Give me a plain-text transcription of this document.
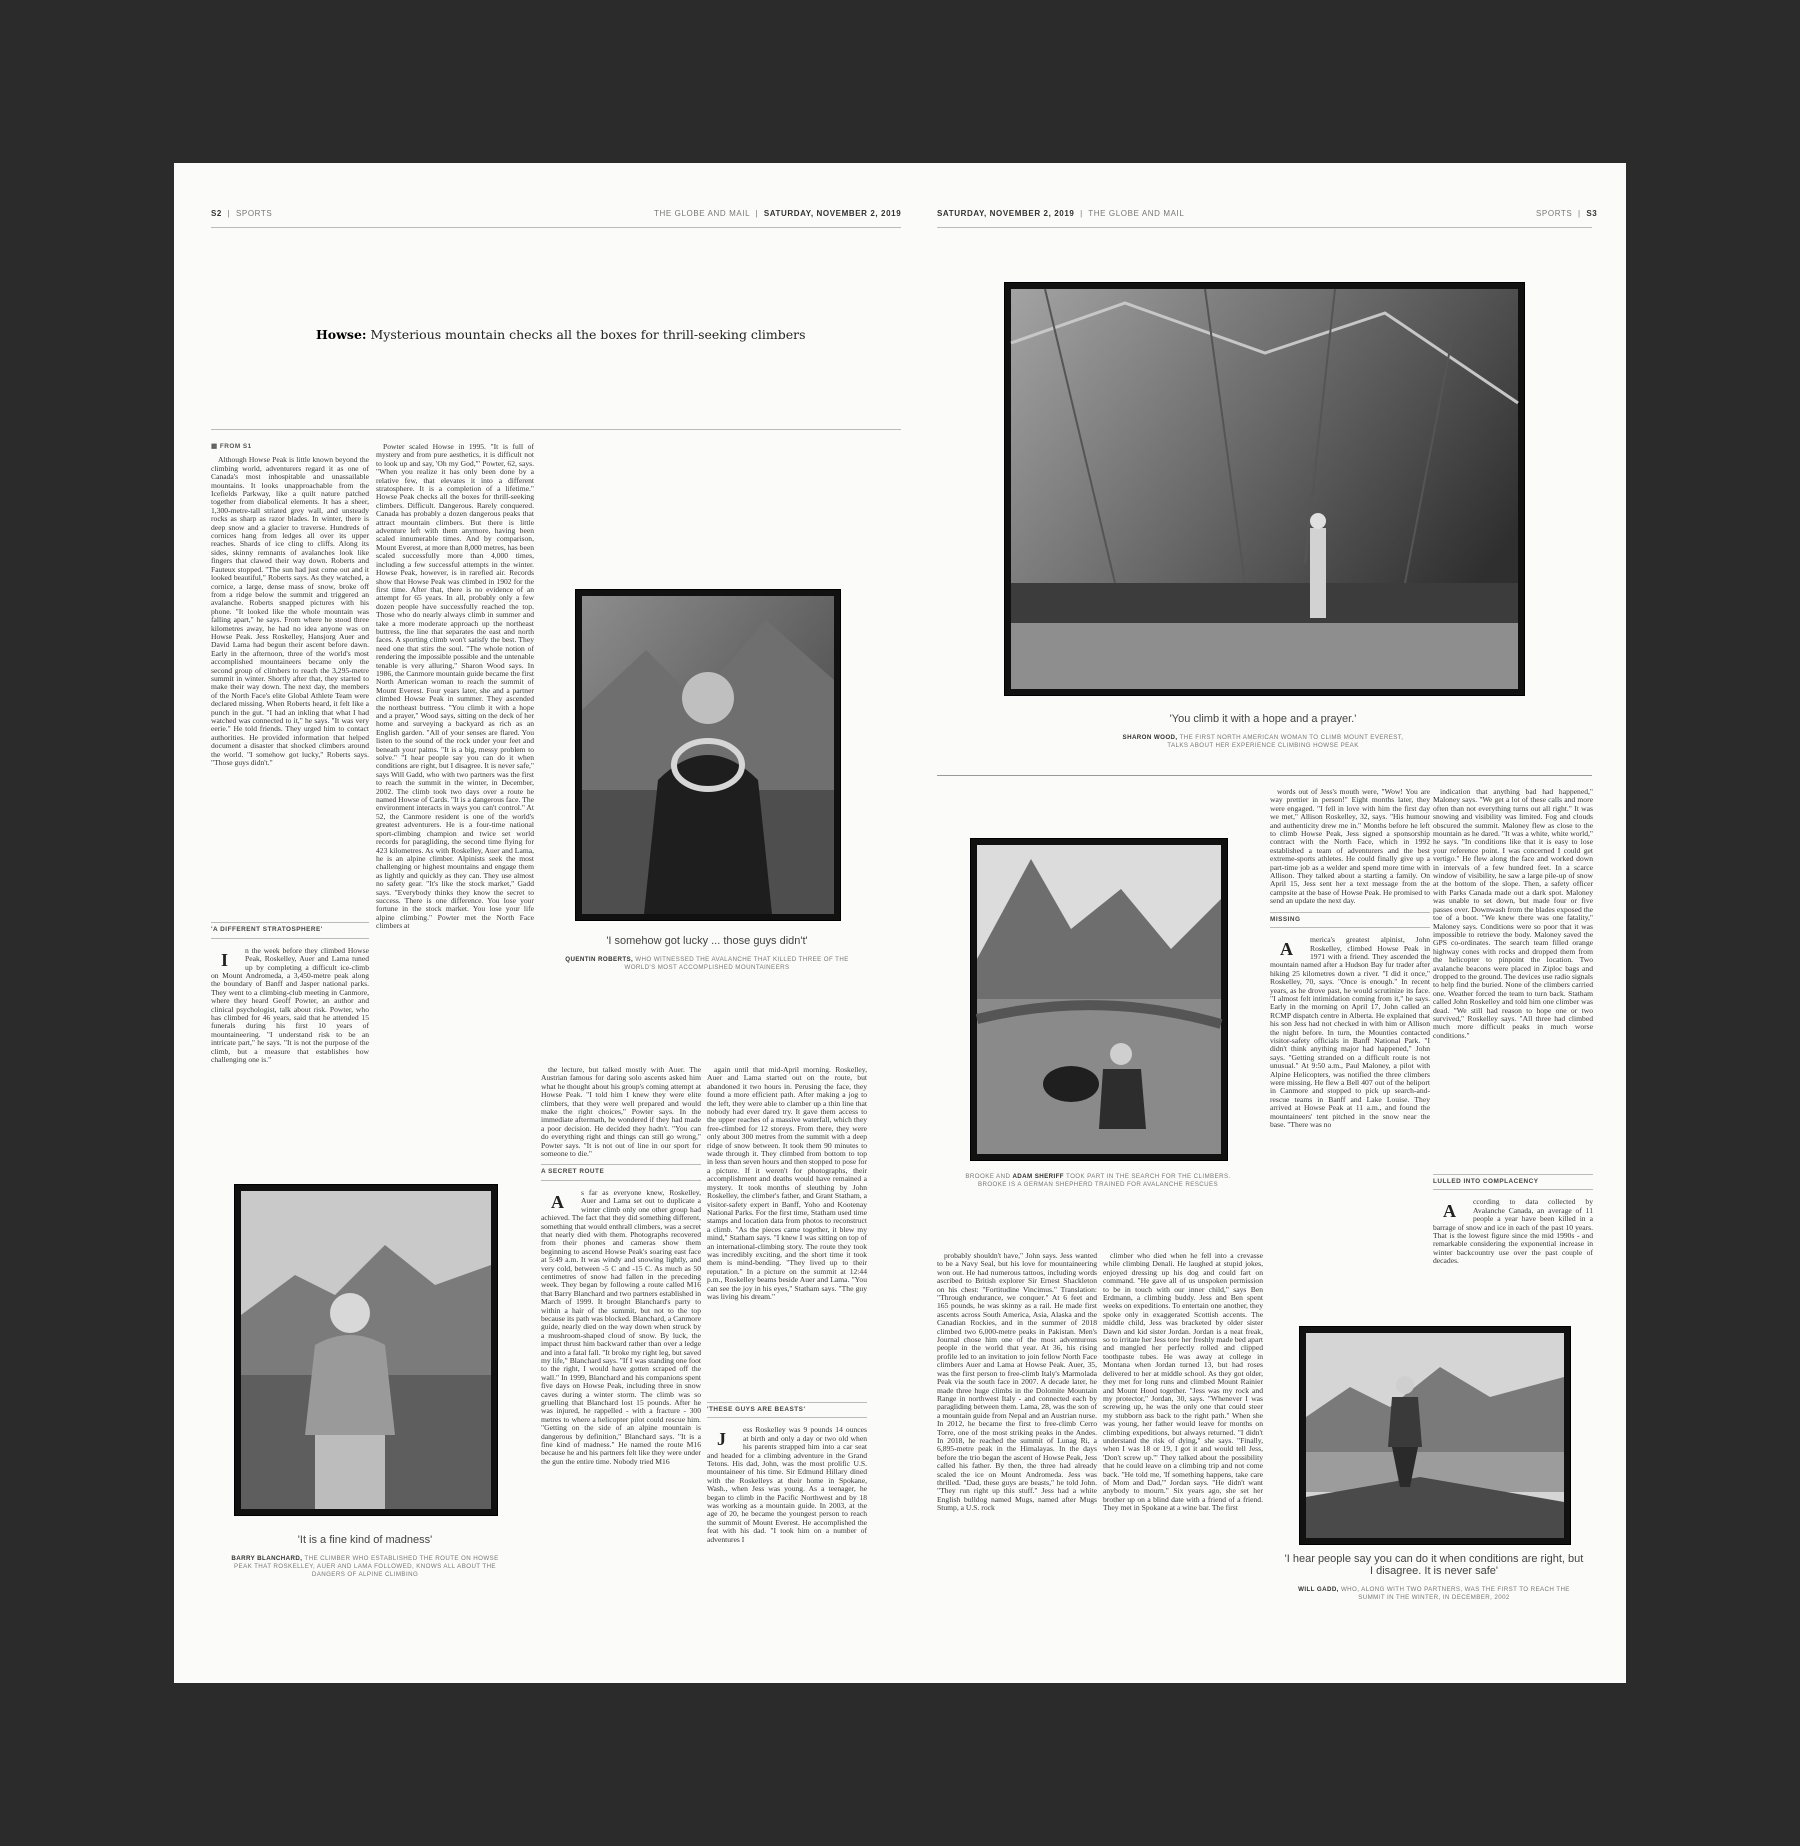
S2  |  SPORTS	THE GLOBE AND MAIL  |  SATURDAY, NOVEMBER 2, 2019	SATURDAY, NOVEMBER 2, 2019  |  THE GLOBE AND MAIL	SPORTS  |  S3
Howse: Mysterious mountain checks all the boxes for thrill-seeking climbers
▦ FROM S1

Although Howse Peak is little known beyond the climbing world, adventurers regard it as one of Canada's most inhospitable and unassailable mountains. It looks unapproachable from the Icefields Parkway, like a quilt nature patched together from diabolical elements. It has a sheer, 1,300-metre-tall striated grey wall, and unsteady rocks as sharp as razor blades. In winter, there is deep snow and a glacier to traverse. Hundreds of cornices hang from ledges all over its upper reaches. Shards of ice cling to cliffs. Along its sides, skinny remnants of avalanches look like fingers that clawed their way down. Roberts and Fauteux stopped. "The sun had just come out and it looked beautiful," Roberts says. As they watched, a cornice, a large, dense mass of snow, broke off from a ridge below the summit and triggered an avalanche. Roberts snapped pictures with his phone. "It looked like the whole mountain was falling apart," he says. From where he stood three kilometres away, he had no idea anyone was on Howse Peak. Jess Roskelley, Hansjorg Auer and David Lama had begun their ascent before dawn. Early in the afternoon, three of the world's most accomplished mountaineers became only the second group of climbers to reach the 3,295-metre summit in winter. Shortly after that, they started to make their way down. The next day, the members of the North Face's elite Global Athlete Team were declared missing. When Roberts heard, it felt like a punch in the gut. "I had an inkling that what I had watched was connected to it," he says. "It was very eerie." He told friends. They urged him to contact authorities. He provided information that helped document a disaster that shocked climbers around the world. "I somehow got lucky," Roberts says. "Those guys didn't."

'A DIFFERENT STRATOSPHERE'
I	n the week before they climbed Howse Peak, Roskelley, Auer and Lama tuned up by completing a difficult ice-climb on Mount Andromeda, a 3,450-metre peak along the boundary of Banff and Jasper national parks. They went to a climbing-club meeting in Canmore, where they heard Geoff Powter, an author and clinical psychologist, talk about risk. Powter, who has climbed for 46 years, said that he attended 15 funerals during his first 10 years of mountaineering. "I understand risk to be an intricate part," he says. "It is not the purpose of the climb, but a measure that establishes how challenging one is."

Powter scaled Howse in 1995. "It is full of mystery and from pure aesthetics, it is difficult not to look up and say, 'Oh my God,'" Powter, 62, says. "When you realize it has only been done by a relative few, that elevates it into a different stratosphere. It is a completion of a lifetime." Howse Peak checks all the boxes for thrill-seeking climbers. Difficult. Dangerous. Rarely conquered. Canada has probably a dozen dangerous peaks that attract mountain climbers. But there is little adventure left with them anymore, having been scaled innumerable times. And by comparison, Mount Everest, at more than 8,000 metres, has been scaled successfully more than 4,000 times, including a few successful attempts in the winter. Howse Peak, however, is in rarefied air. Records show that Howse Peak was climbed in 1902 for the first time. After that, there is no evidence of an attempt for 65 years. In all, probably only a few dozen people have successfully reached the top. Those who do nearly always climb in summer and take a more moderate approach up the northeast buttress, the line that separates the east and north faces. A sporting climb won't satisfy the best. They need one that stirs the soul. "The whole notion of rendering the impossible possible and the untenable tenable is very alluring," Sharon Wood says. In 1986, the Canmore mountain guide became the first North American woman to reach the summit of Mount Everest. Four years later, she and a partner climbed Howse Peak in summer. They ascended the northeast buttress. "You climb it with a hope and a prayer," Wood says, sitting on the deck of her home and surveying a backyard as rich as an English garden. "All of your senses are flared. You listen to the sound of the rock under your feet and beneath your palms. "It is a big, messy problem to solve." "I hear people say you can do it when conditions are right, but I disagree. It is never safe," says Will Gadd, who with two partners was the first to reach the summit in the winter, in December, 2002. The climb took two days over a route he named Howse of Cards. "It is a dangerous face. The environment interacts in ways you can't control." At 52, the Canmore resident is one of the world's greatest adventurers. He is a four-time national sport-climbing champion and twice set world records for paragliding, the second time flying for 423 kilometres. As with Roskelley, Auer and Lama, he is an alpine climber. Alpinists seek the most challenging or highest mountains and engage them as lightly and quickly as they can. They use almost no safety gear. "It's like the stock market," Gadd says. "Everybody thinks they know the secret to success. There is one difference. You lose your fortune in the stock market. You lose your life alpine climbing." Powter met the North Face climbers at

'I somehow got lucky ... those guys didn't'
QUENTIN ROBERTS, WHO WITNESSED THE AVALANCHE THAT KILLED THREE OF THE WORLD'S MOST ACCOMPLISHED MOUNTAINEERS

the lecture, but talked mostly with Auer. The Austrian famous for daring solo ascents asked him what he thought about his group's coming attempt at Howse Peak. "I told him I knew they were elite climbers, that they were well prepared and would make the right choices," Powter says. In the immediate aftermath, he wondered if they had made a poor decision. He decided they hadn't. "You can do everything right and things can still go wrong," Powter says. "It is not out of line in our sport for someone to die."

A SECRET ROUTE
A	s far as everyone knew, Roskelley, Auer and Lama set out to duplicate a winter climb only one other group had achieved. The fact that they did something different, something that would enthrall climbers, was a secret that nearly died with them. Photographs recovered from their phones and cameras show them beginning to ascend Howse Peak's soaring east face at 5:49 a.m. It was windy and snowing lightly, and very cold, between -5 C and -15 C. As much as 50 centimetres of snow had fallen in the preceding week. They began by following a route called M16 that Barry Blanchard and two partners established in March of 1999. It brought Blanchard's party to within a hair of the summit, but not to the top because its path was blocked. Blanchard, a Canmore guide, nearly died on the way down when struck by a mushroom-shaped cloud of snow. By luck, the impact thrust him backward rather than over a ledge and into a fatal fall. "It broke my right leg, but saved my life," Blanchard says. "If I was standing one foot to the right, I would have gotten scraped off the wall." In 1999, Blanchard and his companions spent five days on Howse Peak, including three in snow caves during a winter storm. The climb was so gruelling that Blanchard lost 15 pounds. After he was injured, he rappelled - with a fracture - 300 metres to where a helicopter pilot could rescue him. "Getting on the side of an alpine mountain is dangerous by definition," Blanchard says. "It is a fine kind of madness." He named the route M16 because he and his partners felt like they were under the gun the entire time. Nobody tried M16

again until that mid-April morning. Roskelley, Auer and Lama started out on the route, but abandoned it two hours in. Perusing the face, they found a more efficient path. After making a jog to the left, they were able to clamber up a thin line that nobody had ever dared try. It gave them access to the upper reaches of a massive waterfall, which they free-climbed for 12 storeys. From there, they were only about 300 metres from the summit with a deep ridge of snow between. It took them 90 minutes to wade through it. They climbed from bottom to top in less than seven hours and then stopped to pose for a picture. If it weren't for photographs, their accomplishment and deaths would have remained a mystery. It took months of sleuthing by John Roskelley, the climber's father, and Grant Statham, a visitor-safety expert in Banff, Yoho and Kootenay National Parks. For the first time, Statham used time stamps and location data from photos to reconstruct a climb. "As the pieces came together, it blew my mind," Statham says. "I knew I was sitting on top of an international-climbing story. The route they took was incredibly exciting, and the short time it took them is mind-bending. "They lived up to their reputation." In a picture on the summit at 12:44 p.m., Roskelley beams beside Auer and Lama. "You can see the joy in his eyes," Statham says. "The guy was living his dream."

'THESE GUYS ARE BEASTS'
J	ess Roskelley was 9 pounds 14 ounces at birth and only a day or two old when his parents strapped him into a car seat and headed for a climbing adventure in the Grand Tetons. His dad, John, was the most prolific U.S. mountaineer of his time. Sir Edmund Hillary dined with the Roskelleys at their home in Spokane, Wash., when Jess was young. As a teenager, he began to climb in the Pacific Northwest and by 18 was working as a mountain guide. In 2003, at the age of 20, he became the youngest person to reach the summit of Mount Everest. He accomplished the feat with his dad. "I took him on a number of adventures I

'It is a fine kind of madness'
BARRY BLANCHARD, THE CLIMBER WHO ESTABLISHED THE ROUTE ON HOWSE PEAK THAT ROSKELLEY, AUER AND LAMA FOLLOWED, KNOWS ALL ABOUT THE DANGERS OF ALPINE CLIMBING
'You climb it with a hope and a prayer.'
SHARON WOOD, THE FIRST NORTH AMERICAN WOMAN TO CLIMB MOUNT EVEREST, TALKS ABOUT HER EXPERIENCE CLIMBING HOWSE PEAK
BROOKE AND ADAM SHERIFF TOOK PART IN THE SEARCH FOR THE CLIMBERS. BROOKE IS A GERMAN SHEPHERD TRAINED FOR AVALANCHE RESCUES

probably shouldn't have," John says. Jess wanted to be a Navy Seal, but his love for mountaineering won out. He had numerous tattoos, including words ascribed to British explorer Sir Ernest Shackleton on his chest: "Fortitudine Vincimus." Translation: "Through endurance, we conquer." At 6 feet and 165 pounds, he was skinny as a rail. He made first ascents across South America, Asia, Alaska and the Canadian Rockies, and in the summer of 2018 climbed two 6,000-metre peaks in Pakistan. Men's Journal chose him one of the most adventurous people in the world that year. At 36, his rising profile led to an invitation to join fellow North Face climbers Auer and Lama at Howse Peak. Auer, 35, was the first person to free-climb Italy's Marmolada Peak via the south face in 2007. A decade later, he made three huge climbs in the Dolomite Mountain Range in northwest Italy - and connected each by paragliding between them. Lama, 28, was the son of a mountain guide from Nepal and an Austrian nurse. In 2012, he became the first to free-climb Cerro Torre, one of the most striking peaks in the Andes. In 2018, he reached the summit of Lunag Ri, a 6,895-metre peak in the Himalayas. In the days before the trio began the ascent of Howse Peak, Jess called his father. By then, the three had already scaled the ice on Mount Andromeda. Jess was thrilled. "Dad, these guys are beasts," he told John. "They run right up this stuff." Jess had a white English bulldog named Mugs, named after Mugs Stump, a U.S. rock

climber who died when he fell into a crevasse while climbing Denali. He laughed at stupid jokes, enjoyed dressing up his dog and could fart on command. "He gave all of us unspoken permission to be in touch with our inner child," says Ben Erdmann, a climbing buddy. Jess and Ben spent weeks on expeditions. To entertain one another, they spoke only in exaggerated Scottish accents. The middle child, Jess was bracketed by older sister Dawn and kid sister Jordan. Jordan is a neat freak, so to irritate her Jess tore her freshly made bed apart and mangled her perfectly rolled and clipped toothpaste tubes. He was away at college in Montana when Jordan turned 13, but had roses delivered to her at middle school. As they got older, they met for long runs and climbed Mount Rainier and Mount Hood together. "Jess was my rock and my protector," Jordan, 30, says. "Whenever I was screwing up, he was the only one that could steer my stubborn ass back to the right path." When she was young, her father would leave for months on climbing expeditions, but always returned. "I didn't understand the risk of dying," she says. "Finally, when I was 18 or 19, I got it and would tell Jess, 'Don't screw up.'" They talked about the possibility that he could leave on a climbing trip and not come back. "He told me, 'If something happens, take care of Mom and Dad,'" Jordan says. "He didn't want anybody to mourn." Six years ago, she set her brother up on a blind date with a friend of a friend. They met in Spokane at a wine bar. The first

words out of Jess's mouth were, "Wow! You are way prettier in person!" Eight months later, they were engaged. "I fell in love with him the first day we met," Allison Roskelley, 32, says. "His humour and authenticity drew me in." Months before he left to climb Howse Peak, Jess signed a sponsorship contract with the North Face, which in 1992 established a team of adventurers and the best extreme-sports athletes. He could finally give up a part-time job as a welder and spend more time with Allison. They talked about a starting a family. On April 15, Jess sent her a text message from the campsite at the base of Howse Peak. He promised to send an update the next day.

MISSING
A	merica's greatest alpinist, John Roskelley, climbed Howse Peak in 1971 with a friend. They ascended the mountain named after a Hudson Bay fur trader after hiking 25 kilometres down a river. "I did it once," Roskelley, 70, says. "Once is enough." In recent years, as he drove past, he would scrutinize its face. "I almost felt intimidation coming from it," he says. Early in the morning on April 17, John called an RCMP dispatch centre in Alberta. He explained that his son Jess had not checked in with him or Allison the night before. In turn, the Mounties contacted visitor-safety officials in Banff National Park. "I didn't think anything major had happened," John says. "Getting stranded on a difficult route is not unusual." At 9:50 a.m., Paul Maloney, a pilot with Alpine Helicopters, was notified the three climbers were missing. He flew a Bell 407 out of the heliport in Canmore and stopped to pick up search-and-rescue teams in Banff and Lake Louise. They arrived at Howse Peak at 11 a.m., and found the mountaineers' tent pitched in the snow near the base. "There was no

indication that anything bad had happened," Maloney says. "We get a lot of these calls and more often than not everything turns out all right." It was snowing and visibility was limited. Fog and clouds obscured the summit. Maloney flew as close to the mountain as he dared. "It was a white, white world," he says. "In conditions like that it is easy to lose your reference point. I was concerned I could get vertigo." He flew along the face and worked down in intervals of a few hundred feet. In a scarce window of visibility, he saw a large pile-up of snow at the bottom of the slope. Then, a safety officer with Parks Canada made out a dark spot. Maloney was unable to set down, but made four or five passes over. Downwash from the blades exposed the toe of a boot. "We knew there was one fatality," Maloney says. Conditions were so poor that it was impossible to retrieve the body. Maloney saved the GPS co-ordinates. The search team filled orange highway cones with rocks and dropped them from the helicopter to pinpoint the location. Two avalanche beacons were placed in Ziploc bags and dropped to the ground. The devices use radio signals to help find the buried. None of the climbers carried one. Weather forced the team to turn back. Statham called John Roskelley and told him one climber was dead. "We still had reason to hope one or two survived," Roskelley says. "All three had climbed much more difficult peaks in much worse conditions."

LULLED INTO COMPLACENCY
A	ccording to data collected by Avalanche Canada, an average of 11 people a year have been killed in a barrage of snow and ice in each of the past 10 years. That is the lowest figure since the mid 1990s - and remarkable considering the exponential increase in winter backcountry use over the past couple of decades.

'I hear people say you can do it when conditions are right, but I disagree. It is never safe'
WILL GADD, WHO, ALONG WITH TWO PARTNERS, WAS THE FIRST TO REACH THE SUMMIT IN THE WINTER, IN DECEMBER, 2002
